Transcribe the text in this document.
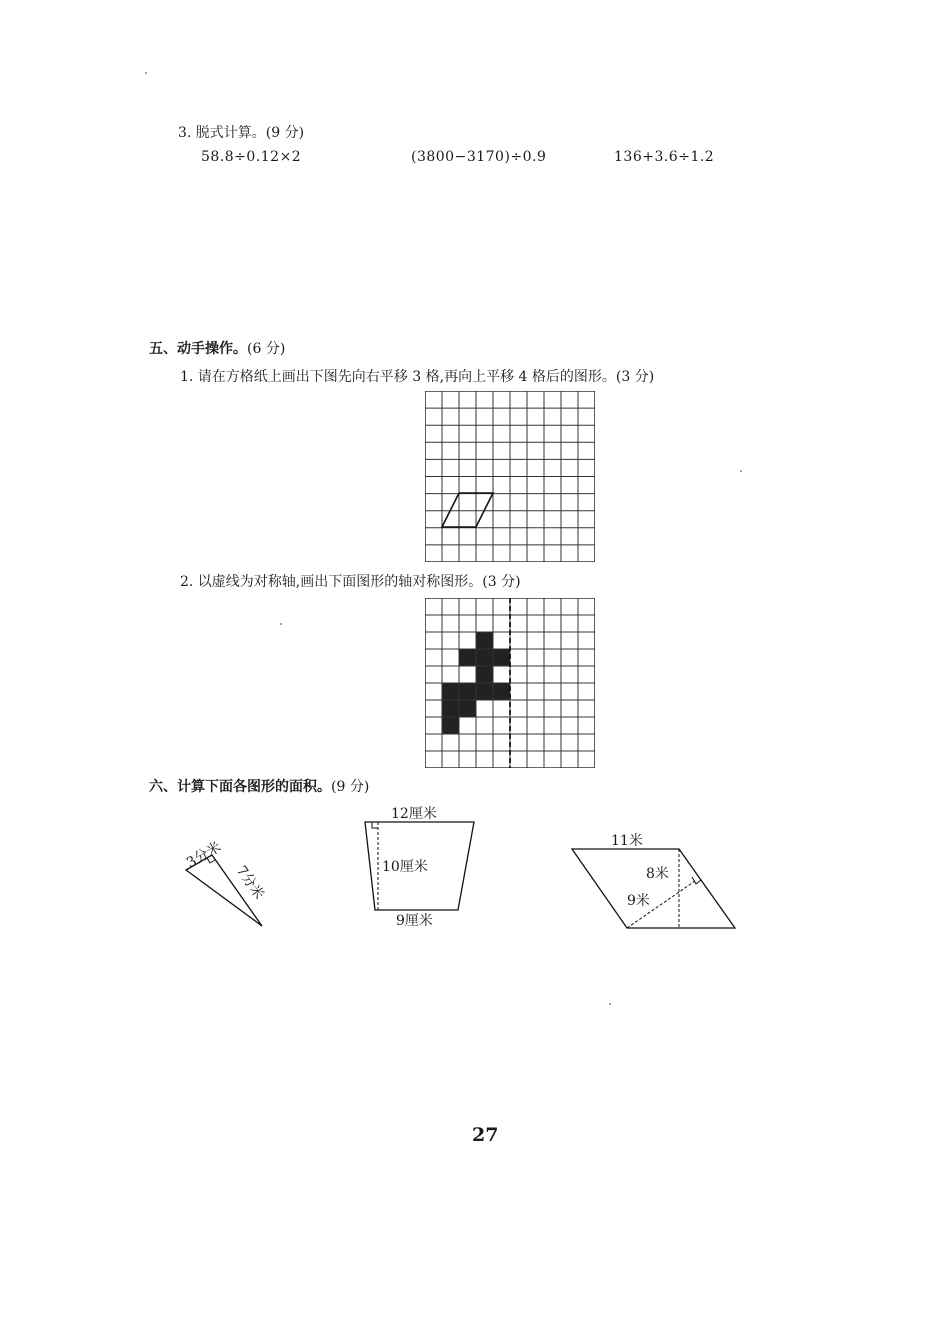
3. 脱式计算。(9 分)
58.8÷0.12×2	(3800−3170)÷0.9	136+3.6÷1.2
五、动手操作。(6 分)
1. 请在方格纸上画出下图先向右平移 3 格,再向上平移 4 格后的图形。(3 分)
2. 以虚线为对称轴,画出下面图形的轴对称图形。(3 分)
六、计算下面各图形的面积。(9 分)
3分米
7分米
12厘米
10厘米
9厘米
11米
8米
9米
27
